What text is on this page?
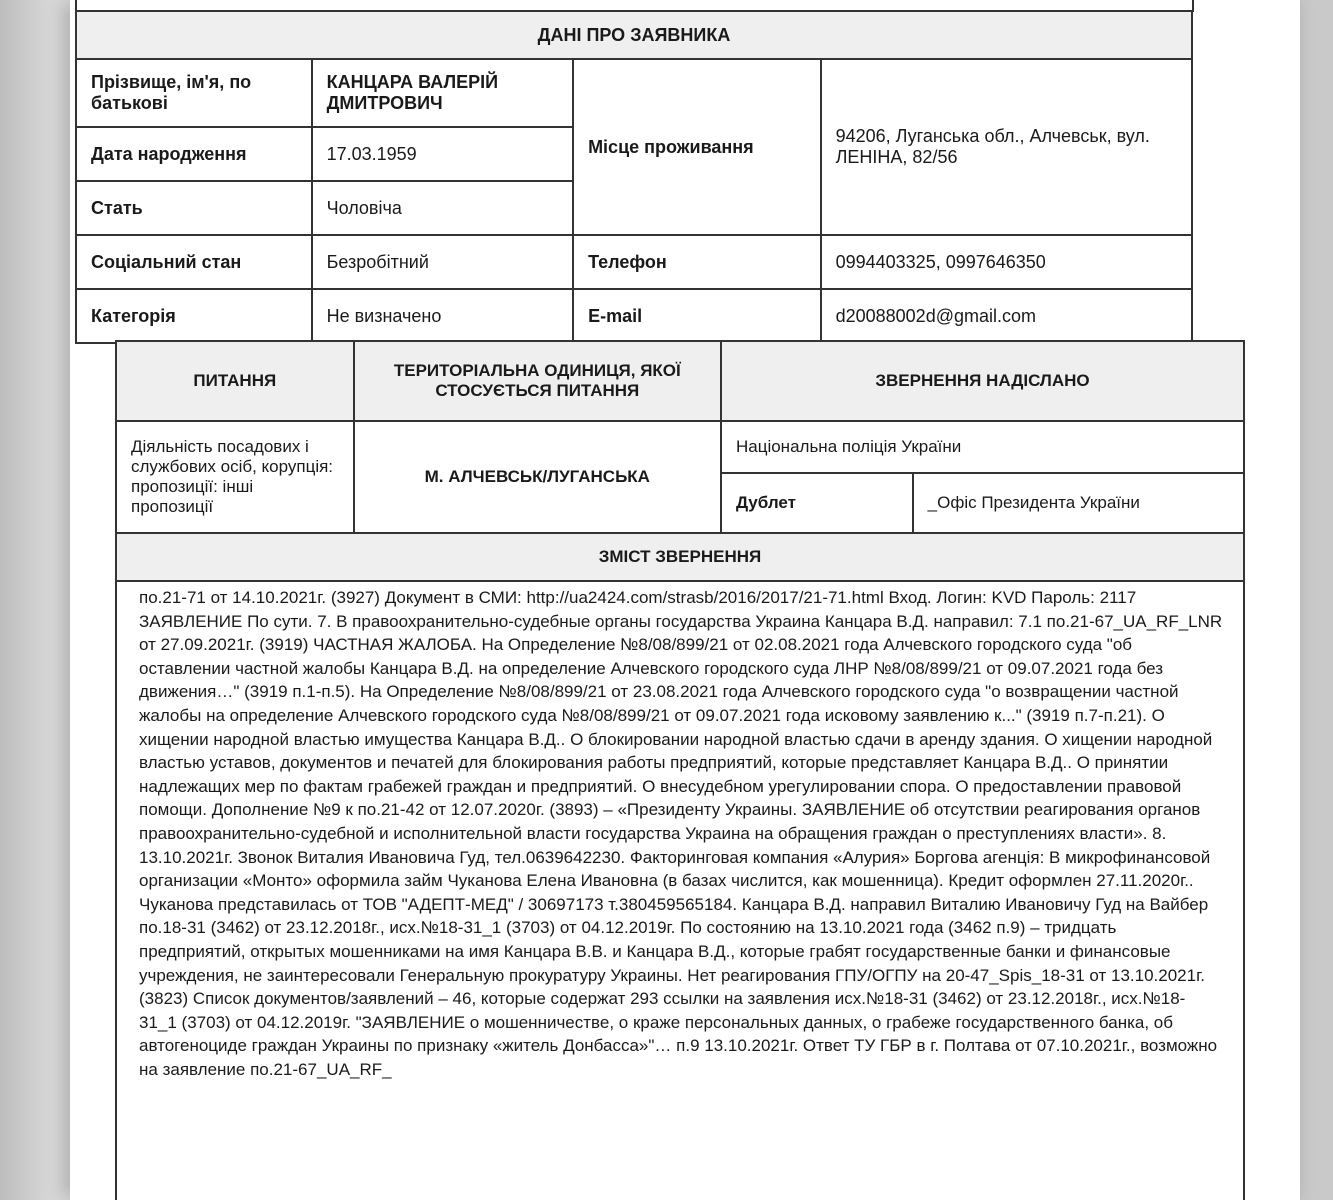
ДАНІ ПРО ЗАЯВНИКА			
Прізвище, ім'я, по батькові	КАНЦАРА ВАЛЕРІЙ ДМИТРОВИЧ	Місце проживання	94206, Луганська обл., Алчевськ, вул. ЛЕНІНА, 82/56
Дата народження	17.03.1959		
Стать	Чоловіча		
Соціальний стан	Безробітний	Телефон	0994403325, 0997646350
Категорія	Не визначено	E-mail	d20088002d@gmail.com
ПИТАННЯ	ТЕРИТОРІАЛЬНА ОДИНИЦЯ, ЯКОЇ СТОСУЄТЬСЯ ПИТАННЯ	ЗВЕРНЕННЯ НАДІСЛАНО	
Діяльність посадових і службових осіб, корупція: пропозиції: інші пропозиції	М. АЛЧЕВСЬК/ЛУГАНСЬКА	Національна поліція України	
		Дублет	_Офіс Президента України
ЗМІСТ ЗВЕРНЕННЯ
по.21-71 от 14.10.2021г. (3927) Документ в СМИ: http://ua2424.com/strasb/2016/2017/21-71.html Вход. Логин: KVD Пароль: 2117 ЗАЯВЛЕНИЕ По сути. 7. В правоохранительно-судебные органы государства Украина Канцара В.Д. направил: 7.1 по.21-67_UA_RF_LNR от 27.09.2021г. (3919) ЧАСТНАЯ ЖАЛОБА. На Определение №8/08/899/21 от 02.08.2021 года Алчевского городского суда "об оставлении частной жалобы Канцара В.Д. на определение Алчевского городского суда ЛНР №8/08/899/21 от 09.07.2021 года без движения…" (3919 п.1-п.5). На Определение №8/08/899/21 от 23.08.2021 года Алчевского городского суда "о возвращении частной жалобы на определение Алчевского городского суда №8/08/899/21 от 09.07.2021 года исковому заявлению к..." (3919 п.7-п.21). О хищении народной властью имущества Канцара В.Д.. О блокировании народной властью сдачи в аренду здания. О хищении народной властью уставов, документов и печатей для блокирования работы предприятий, которые представляет Канцара В.Д.. О принятии надлежащих мер по фактам грабежей граждан и предприятий. О внесудебном урегулировании спора. О предоставлении правовой помощи. Дополнение №9 к по.21-42 от 12.07.2020г. (3893) – «Президенту Украины. ЗАЯВЛЕНИЕ об отсутствии реагирования органов правоохранительно-судебной и исполнительной власти государства Украина на обращения граждан о преступлениях власти». 8. 13.10.2021г. Звонок Виталия Ивановича Гуд, тел.0639642230. Факторинговая компания «Алурия» Боргова агенція: В микрофинансовой организации «Монто» оформила займ Чуканова Елена Ивановна (в базах числится, как мошенница). Кредит оформлен 27.11.2020г.. Чуканова представилась от ТОВ "АДЕПТ-МЕД" / 30697173 т.380459565184. Канцара В.Д. направил Виталию Ивановичу Гуд на Вайбер по.18-31 (3462) от 23.12.2018г., исх.№18-31_1 (3703) от 04.12.2019г. По состоянию на 13.10.2021 года (3462 п.9) – тридцать предприятий, открытых мошенниками на имя Канцара В.В. и Канцара В.Д., которые грабят государственные банки и финансовые учреждения, не заинтересовали Генеральную прокуратуру Украины. Нет реагирования ГПУ/ОГПУ на 20-47_Spis_18-31 от 13.10.2021г. (3823) Список документов/заявлений – 46, которые содержат 293 ссылки на заявления исх.№18-31 (3462) от 23.12.2018г., исх.№18-31_1 (3703) от 04.12.2019г. "ЗАЯВЛЕНИЕ о мошенничестве, о краже персональных данных, о грабеже государственного банка, об автогеноциде граждан Украины по признаку «житель Донбасса»"… п.9 13.10.2021г. Ответ ТУ ГБР в г. Полтава от 07.10.2021г., возможно на заявление по.21-67_UA_RF_
